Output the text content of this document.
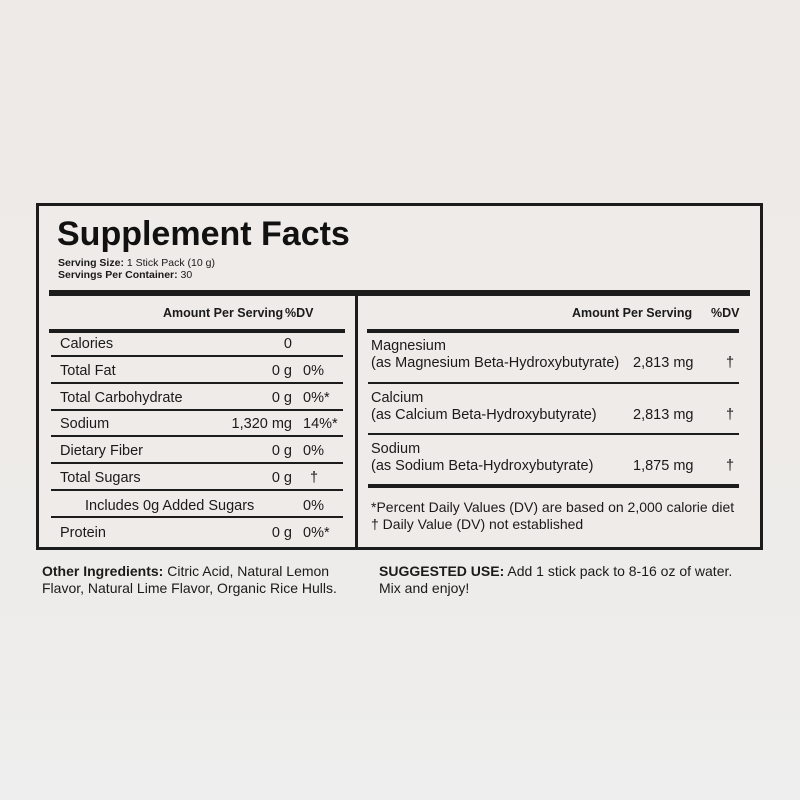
Supplement Facts
Serving Size: 1 Stick Pack (10 g)
Servings Per Container: 30
Amount Per Serving %DV	Amount Per Serving %DV
Calories	0
Total Fat	0 g 0%
Total Carbohydrate	0 g 0%*
Sodium	1,320 mg 14%*
Dietary Fiber	0 g 0%
Total Sugars	0 g †
Includes 0g Added Sugars	0%
Protein	0 g 0%*
Magnesium
(as Magnesium Beta-Hydroxybutyrate) 2,813 mg †
Calcium
(as Calcium Beta-Hydroxybutyrate)	2,813 mg †
Sodium
(as Sodium Beta-Hydroxybutyrate)	1,875 mg †
*Percent Daily Values (DV) are based on 2,000 calorie diet
† Daily Value (DV) not established
Other Ingredients: Citric Acid, Natural Lemon
Flavor, Natural Lime Flavor, Organic Rice Hulls.
SUGGESTED USE: Add 1 stick pack to 8-16 oz of water.
Mix and enjoy!
